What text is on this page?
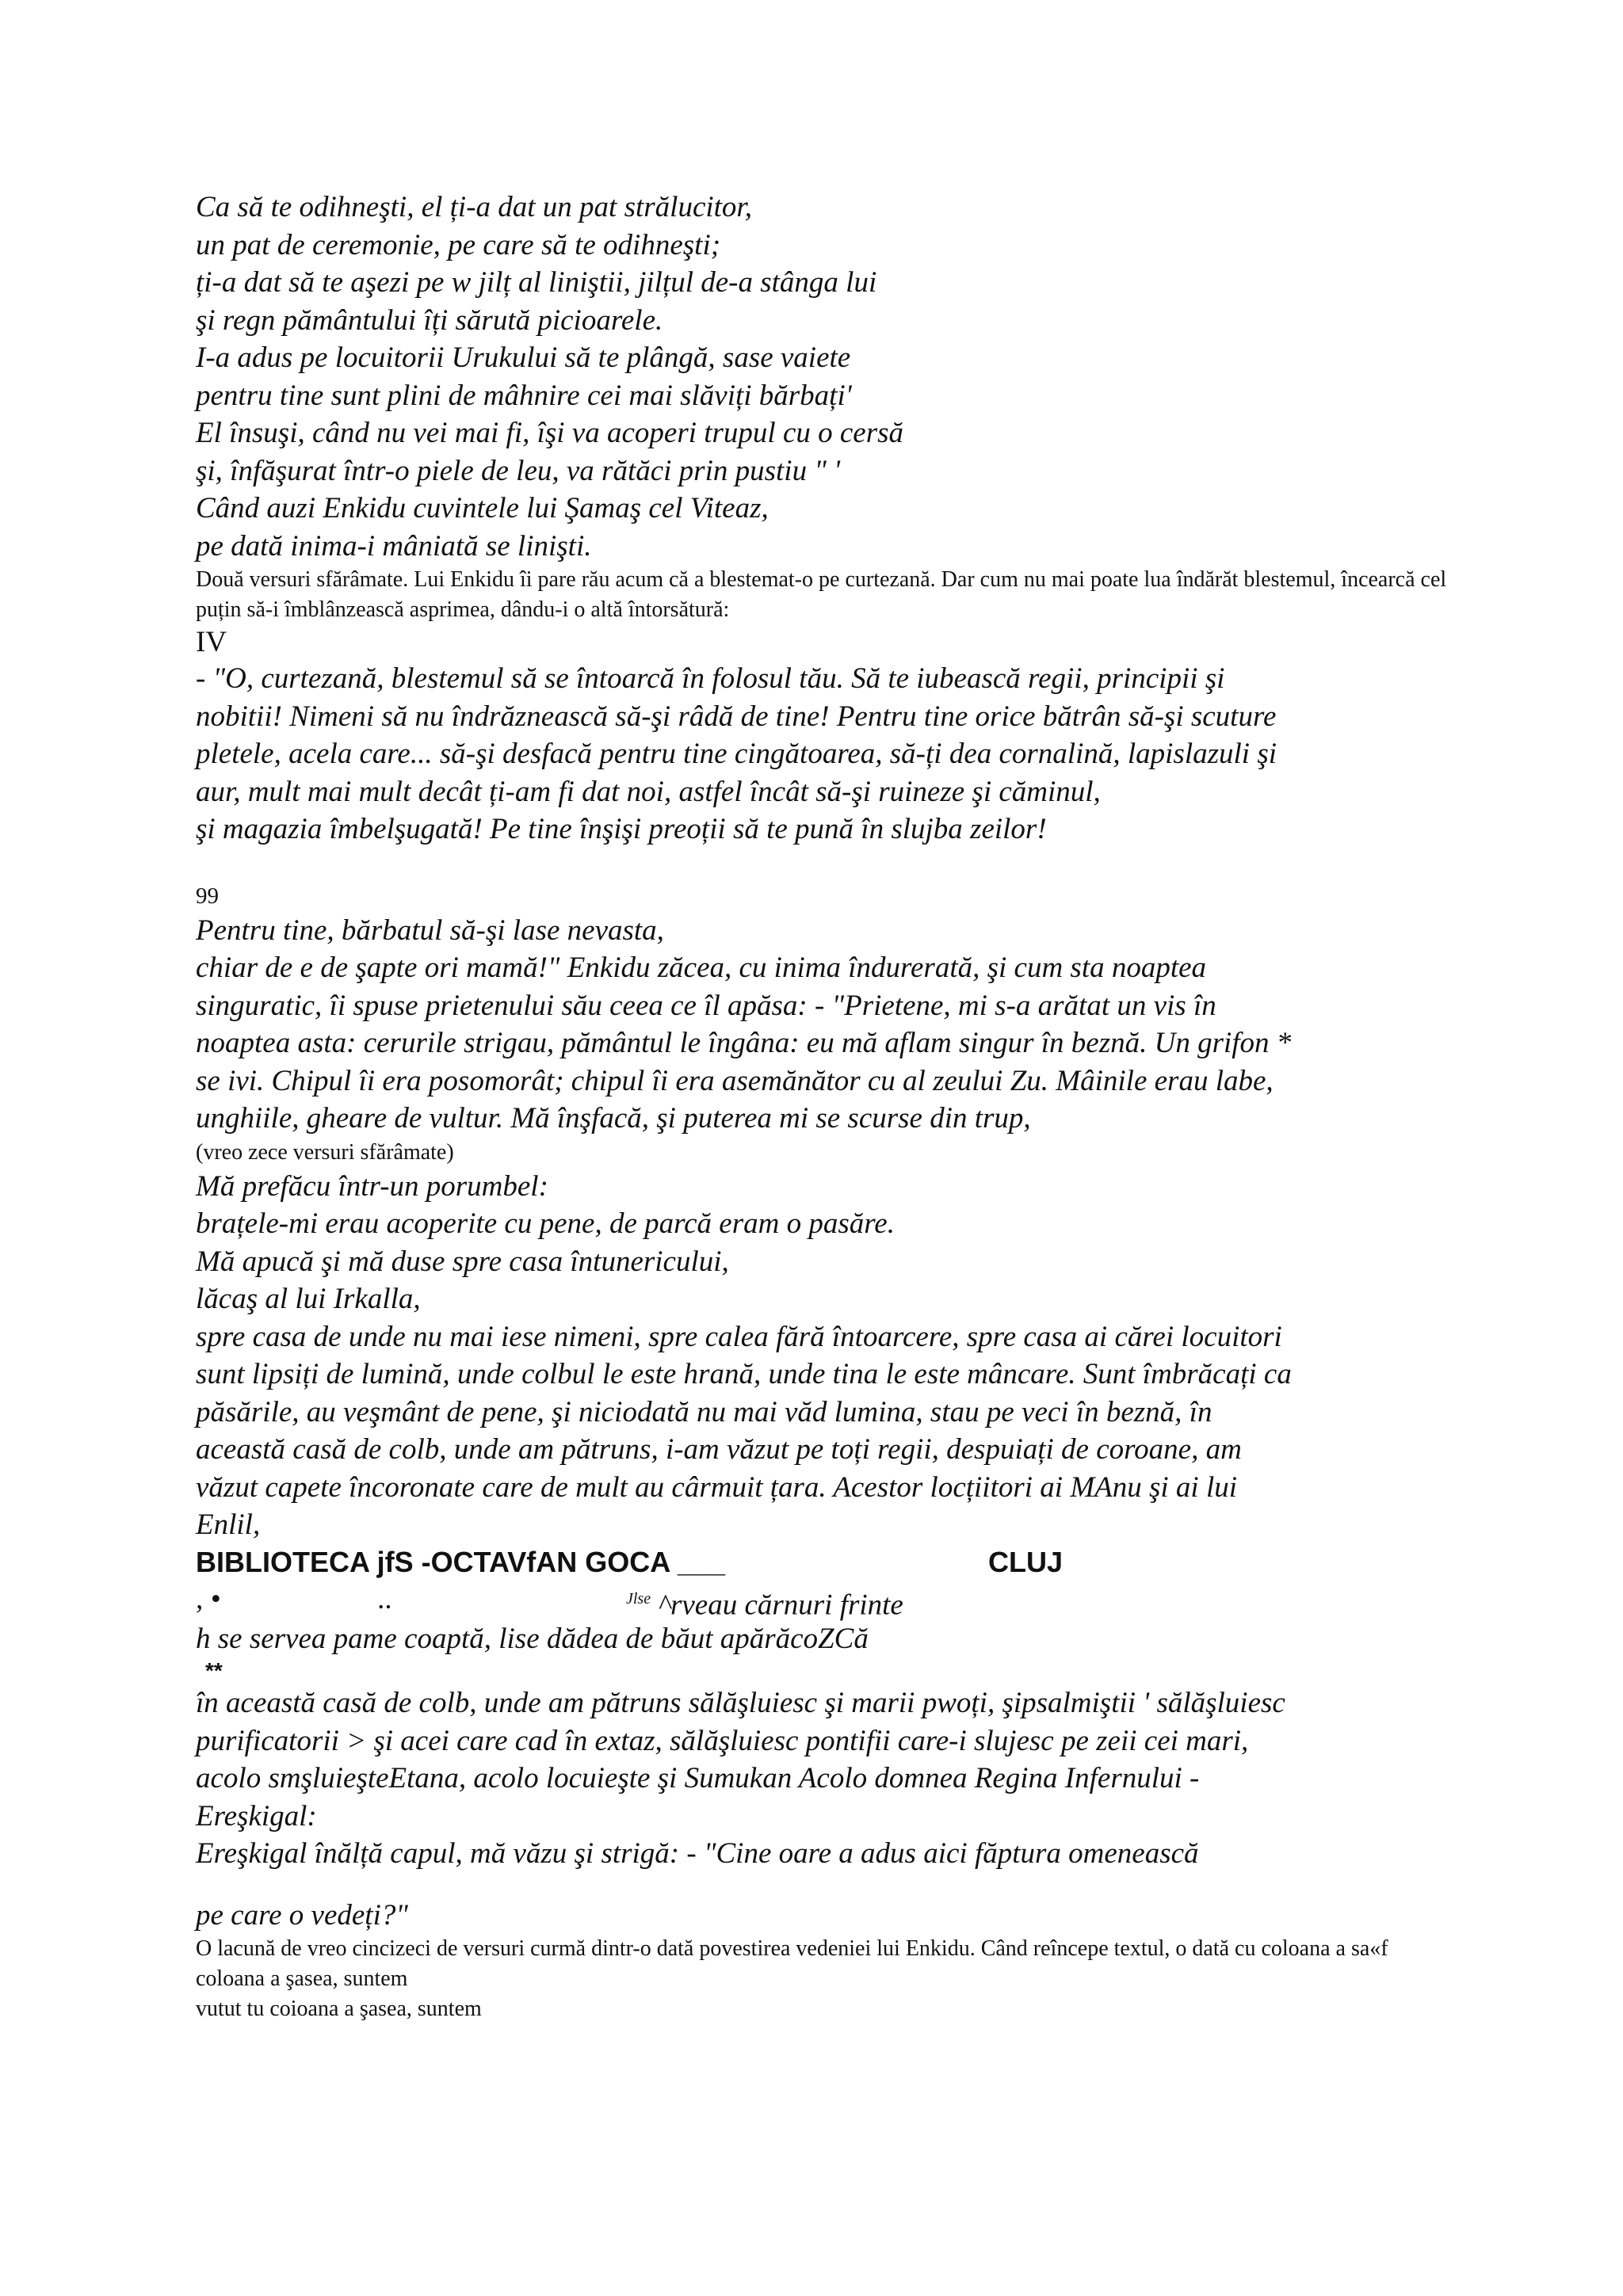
Ca să te odihneşti, el ți-a dat un pat strălucitor,

un pat de ceremonie, pe care să te odihneşti;

ți-a dat să te aşezi pe w jilț al liniştii, jilțul de-a stânga lui

şi regn pământului îți sărută picioarele.

I-a adus pe locuitorii Urukului să te plângă, sase vaiete

pentru tine sunt plini de mâhnire cei mai slăviți bărbați'

El însuşi, când nu vei mai fi, îşi va acoperi trupul cu o cersă

şi, înfăşurat într-o piele de leu, va rătăci prin pustiu " '

Când auzi Enkidu cuvintele lui Şamaş cel Viteaz,

pe dată inima-i mâniată se linişti.

Două versuri sfărâmate. Lui Enkidu îi pare rău acum că a blestemat-o pe curtezană. Dar cum nu mai poate lua îndărăt blestemul, încearcă cel puțin să-i îmblânzească asprimea, dându-i o altă întorsătură:

IV

- "O, curtezană, blestemul să se întoarcă în folosul tău. Să te iubească regii, principii şi

nobitii! Nimeni să nu îndrăznească să-şi râdă de tine! Pentru tine orice bătrân să-şi scuture

pletele, acela care... să-şi desfacă pentru tine cingătoarea, să-ți dea cornalină, lapislazuli şi

aur, mult mai mult decât ți-am fi dat noi, astfel încât să-şi ruineze şi căminul,

şi magazia îmbelşugată! Pe tine înşişi preoții să te pună în slujba zeilor!

99

Pentru tine, bărbatul să-şi lase nevasta,

chiar de e de şapte ori mamă!" Enkidu zăcea, cu inima îndurerată, şi cum sta noaptea

singuratic, îi spuse prietenului său ceea ce îl apăsa: - "Prietene, mi s-a arătat un vis în

noaptea asta: cerurile strigau, pământul le îngâna: eu mă aflam singur în beznă. Un grifon *

se ivi. Chipul îi era posomorât; chipul îi era asemănător cu al zeului Zu. Mâinile erau labe,

unghiile, gheare de vultur. Mă înşfacă, şi puterea mi se scurse din trup,

(vreo zece versuri sfărâmate)

Mă prefăcu într-un porumbel:

brațele-mi erau acoperite cu pene, de parcă eram o pasăre.

Mă apucă şi mă duse spre casa întunericului,

lăcaş al lui Irkalla,

spre casa de unde nu mai iese nimeni, spre calea fără întoarcere, spre casa ai cărei locuitori

sunt lipsiți de lumină, unde colbul le este hrană, unde tina le este mâncare. Sunt îmbrăcați ca

păsările, au veşmânt de pene, şi niciodată nu mai văd lumina, stau pe veci în beznă, în

această casă de colb, unde am pătruns, i-am văzut pe toți regii, despuiați de coroane, am

văzut capete încoronate care de mult au cârmuit țara. Acestor locțiitori ai MAnu şi ai lui

Enlil,

BIBLIOTECA jfS -OCTAVfAN GOCA ___	CLUJ

, •	..	$^{Jlse}$ ^rveau cărnuri frinte

h se servea pame coaptă, lise dădea de băut apărăcoZCă

**

în această casă de colb, unde am pătruns sălăşluiesc şi marii pwoți, şipsalmiştii ' sălăşluiesc

purificatorii > şi acei care cad în extaz, sălăşluiesc pontifii care-i slujesc pe zeii cei mari,

acolo smşluieşteEtana, acolo locuieşte şi Sumukan Acolo domnea Regina Infernului -

Ereşkigal:

Ereşkigal înălță capul, mă văzu şi strigă: - "Cine oare a adus aici făptura omenească

pe care o vedeți?"

O lacună de vreo cincizeci de versuri curmă dintr-o dată povestirea vedeniei lui Enkidu. Când reîncepe textul, o dată cu coloana a sa«f

coloana a şasea, suntem

vutut tu coioana a şasea, suntem
